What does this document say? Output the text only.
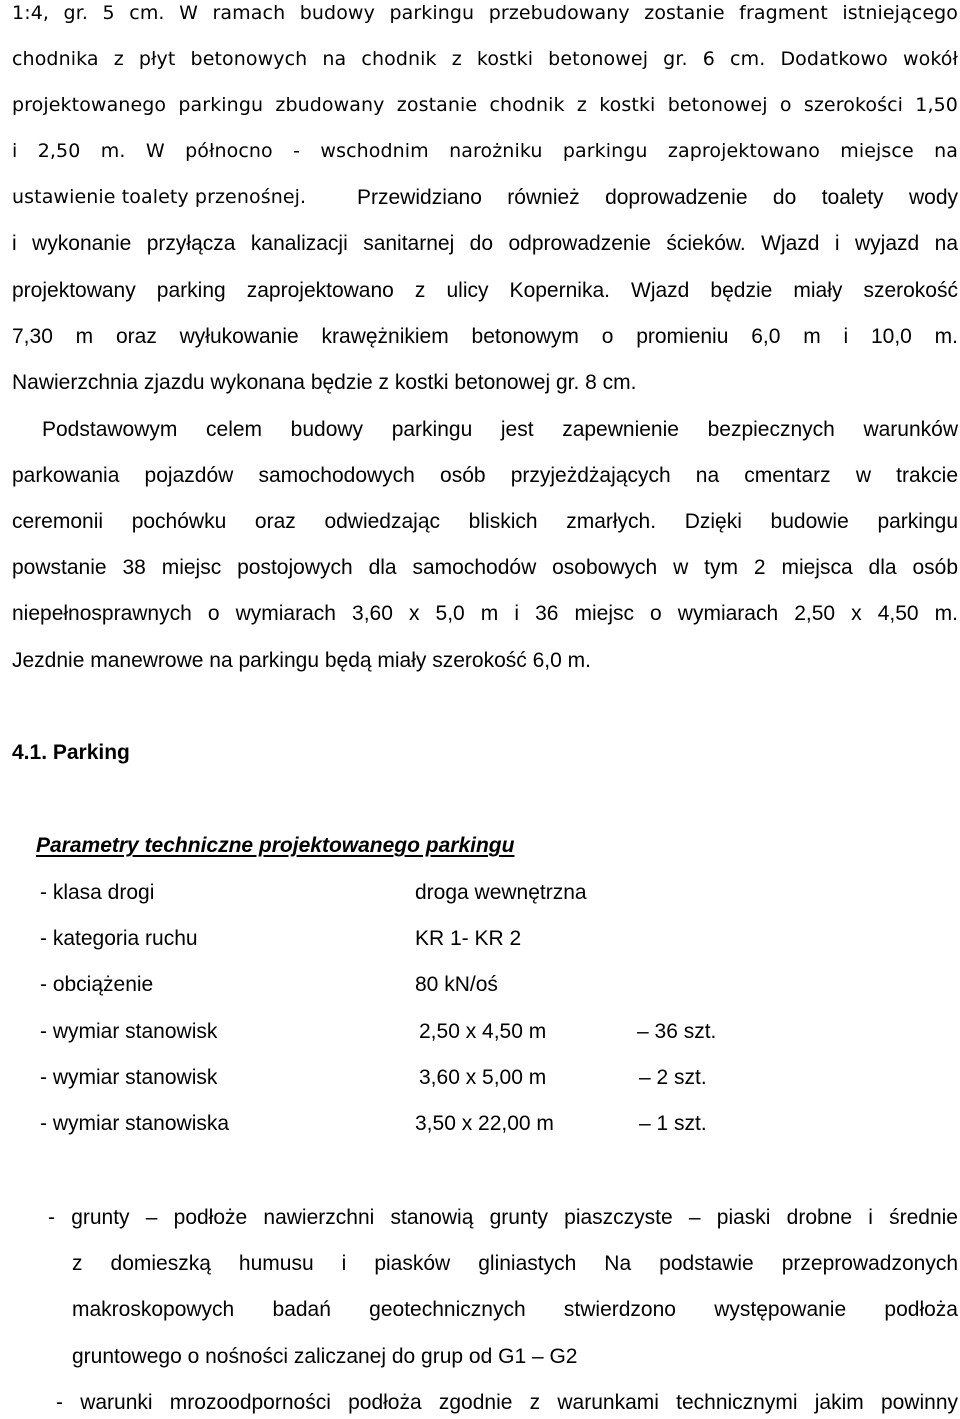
1:4, gr. 5 cm. W ramach budowy parkingu przebudowany zostanie fragment istniejącego
chodnika z płyt betonowych na chodnik z kostki betonowej gr. 6 cm. Dodatkowo wokół
projektowanego parkingu zbudowany zostanie chodnik z kostki betonowej o szerokości 1,50
i 2,50 m. W północno - wschodnim narożniku parkingu zaprojektowano miejsce na
ustawienie toalety przenośnej. Przewidziano również doprowadzenie do toalety wody
i wykonanie przyłącza kanalizacji sanitarnej do odprowadzenie ścieków. Wjazd i wyjazd na
projektowany parking zaprojektowano z ulicy Kopernika. Wjazd będzie miały szerokość
7,30 m oraz wyłukowanie krawężnikiem betonowym o promieniu 6,0 m i 10,0 m.
Nawierzchnia zjazdu wykonana będzie z kostki betonowej gr. 8 cm.
Podstawowym celem budowy parkingu jest zapewnienie bezpiecznych warunków
parkowania pojazdów samochodowych osób przyjeżdżających na cmentarz w trakcie
ceremonii pochówku oraz odwiedzając bliskich zmarłych. Dzięki budowie parkingu
powstanie 38 miejsc postojowych dla samochodów osobowych w tym 2 miejsca dla osób
niepełnosprawnych o wymiarach 3,60 x 5,0 m i 36 miejsc o wymiarach 2,50 x 4,50 m.
Jezdnie manewrowe na parkingu będą miały szerokość 6,0 m.
4.1. Parking
Parametry techniczne projektowanego parkingu
- klasa drogi	droga wewnętrzna
- kategoria ruchu	KR 1- KR 2
- obciążenie	80 kN/oś
- wymiar stanowisk	2,50 x 4,50 m	– 36 szt.
- wymiar stanowisk	3,60 x 5,00 m	– 2 szt.
- wymiar stanowiska	3,50 x 22,00 m	– 1 szt.
- grunty – podłoże nawierzchni stanowią grunty piaszczyste – piaski drobne i średnie
z domieszką humusu i piasków gliniastych Na podstawie przeprowadzonych
makroskopowych badań geotechnicznych stwierdzono występowanie podłoża
gruntowego o nośności zaliczanej do grup od G1 – G2
- warunki mrozoodporności podłoża zgodnie z warunkami technicznymi jakim powinny
